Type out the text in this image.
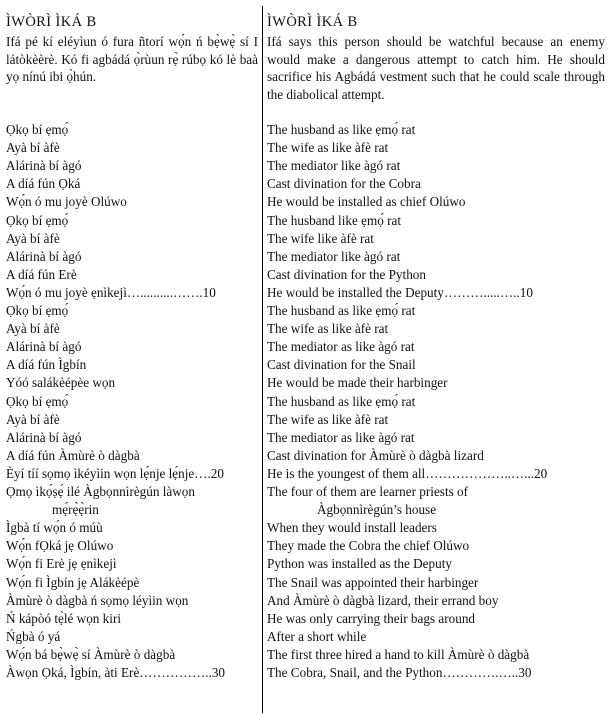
ÌWÒRÌ ÌKÁ B
Ifá pé kí eléyìun ó fura ñtorí wọ́n ń bẹ̀wẹ̀ sí I látòkèèrè. Kó fi agbádá ọ̀rùun rẹ̀ rúbọ kó lè baà yọ nínú ibi ọ̀hún.
Ọkọ bí ẹmọ́
Ayà bí àfè
Alárinà bí àgó
A díá fún Ọká
Wọ́n ó mu joyè Olúwo
Ọkọ bí ẹmọ́
Ayà bí àfè
Alárinà bí àgó
A díá fún Erè
Wọ́n ó mu joyè ẹnìkejì…..........…….10
Ọkọ bí ẹmọ́
Ayà bí àfè
Alárinà bí àgó
A díá fún Ìgbín
Yóó salákèépèe wọn
Ọkọ bí ẹmọ́
Ayà bí àfè
Alárinà bí àgó
A díá fún Àmùrè ò dàgbà
Èyí tíí sọmọ ìkéyìin wọn lẹ́nje lẹ́nje….20
Ọmọ ìkọ́ṣẹ́ ilé Àgbọnnìrègún làwọn
mẹ́rẹ̀ẹ̀rin
Ìgbà tí wọ́n ó múù
Wọ́n fỌká jẹ Olúwo
Wọ́n fi Erè jẹ ẹnìkejì
Wọ́n fi Ìgbín jẹ Alákèépè
Àmùrè ò dàgbà ń sọmọ léyìin wọn
Ń kápòó tẹ̀lé wọn kiri
Ńgbà ó yá
Wọ́n bá bẹ̀wẹ̀ sí Àmùrè ò dàgbà
Àwọn Ọká, Ìgbín, àti Erè……………..30
ÌWÒRÌ ÌKÁ B
Ifá says this person should be watchful because an enemy would make a dangerous attempt to catch him. He should sacrifice his Agbádá vestment such that he could scale through the diabolical attempt.
The husband as like ẹmọ́ rat
The wife as like àfè rat
The mediator like àgó rat
Cast divination for the Cobra
He would be installed as chief Olúwo
The husband like ẹmọ́ rat
The wife like àfè rat
The mediator like àgó rat
Cast divination for the Python
He would be installed the Deputy……….....…..10
The husband as like ẹmọ́ rat
The wife as like àfè rat
The mediator as like àgó rat
Cast divination for the Snail
He would be made their harbinger
The husband as like ẹmọ́ rat
The wife as like àfè rat
The mediator as like àgó rat
Cast divination for Àmùrè ò dàgbà lizard
He is the youngest of them all………………..…...20
The four of them are learner priests of
Àgbọnnìrègún’s house
When they would install leaders
They made the Cobra the chief Olúwo
Python was installed as the Deputy
The Snail was appointed their harbinger
And Àmùrè ò dàgbà lizard, their errand boy
He was only carrying their bags around
After a short while
The first three hired a hand to kill Àmùrè ò dàgbà
The Cobra, Snail, and the Python………….…..30
